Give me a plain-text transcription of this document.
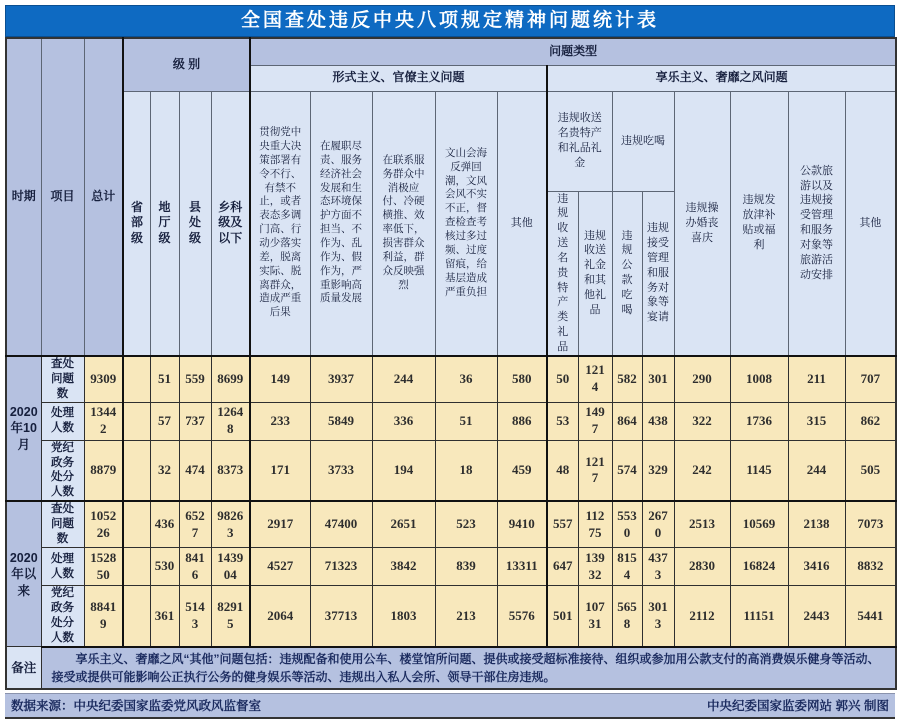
全国查处违反中央八项规定精神问题统计表
时期	项目	总计	级 别				问题类型												
							形式主义、官僚主义问题					享乐主义、奢靡之风问题							
			省部级	地厅级	县处级	乡科级及以下	贯彻党中央重大决策部署有令不行、有禁不止，或者表态多调门高、行动少落实差，脱离实际、脱离群众，造成严重后果	在履职尽责、服务经济社会发展和生态环境保护方面不担当、不作为、乱作为、假作为，严重影响高质量发展	在联系服务群众中消极应付、冷硬横推、效率低下，损害群众利益，群众反映强烈	文山会海反弹回潮，文风会风不实不正，督查检查考核过多过频、过度留痕，给基层造成严重负担	其他	违规收送名贵特产和礼品礼金		违规吃喝		违规操办婚丧喜庆	违规发放津补贴或福利	公款旅游以及违规接受管理和服务对象等旅游活动安排	其他
												违规收送名贵特产类礼品	违规收送礼金和其他礼品	违规公款吃喝	违规接受管理和服务对象等宴请				
2020年10月	查处问题数	9309		51	559	8699	149	3937	244	36	580	50	1214	582	301	290	1008	211	707
	处理人数	13442		57	737	12648	233	5849	336	51	886	53	1497	864	438	322	1736	315	862
	党纪政务处分人数	8879		32	474	8373	171	3733	194	18	459	48	1217	574	329	242	1145	244	505
2020年以来	查处问题数	105226		436	6527	98263	2917	47400	2651	523	9410	557	11275	5530	2670	2513	10569	2138	7073
	处理人数	152850		530	8416	143904	4527	71323	3842	839	13311	647	13932	8154	4373	2830	16824	3416	8832
	党纪政务处分人数	88419		361	5143	82915	2064	37713	1803	213	5576	501	10731	5658	3013	2112	11151	2443	5441
备注	享乐主义、奢靡之风“其他”问题包括：违规配备和使用公车、楼堂馆所问题、提供或接受超标准接待、组织或参加用公款支付的高消费娱乐健身等活动、接受或提供可能影响公正执行公务的健身娱乐等活动、违规出入私人会所、领导干部住房违规。																		
数据来源：中央纪委国家监委党风政风监督室	中央纪委国家监委网站 郭兴 制图
